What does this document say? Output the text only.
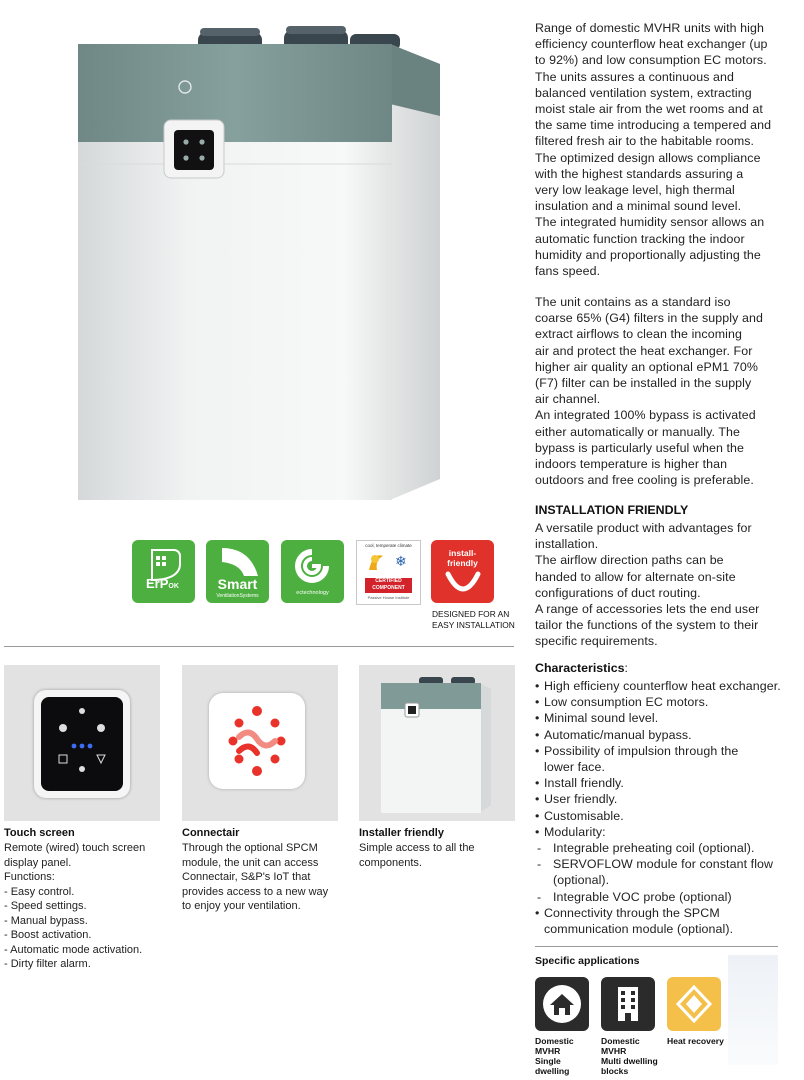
Range of domestic MVHR units with high
efficiency counterflow heat exchanger (up
to 92%) and low consumption EC motors.
The units assures a continuous and
balanced ventilation system, extracting
moist stale air from the wet rooms and at
the same time introducing a tempered and
filtered fresh air to the habitable rooms.
The optimized design allows compliance
with the highest standards assuring a
very low leakage level, high thermal
insulation and a minimal sound level.
The integrated humidity sensor allows an
automatic function tracking the indoor
humidity and proportionally adjusting the
fans speed.
The unit contains as a standard iso
coarse 65% (G4) filters in the supply and
extract airflows to clean the incoming
air and protect the heat exchanger. For
higher air quality an optional ePM1 70%
(F7) filter can be installed in the supply
air channel.
An integrated 100% bypass is activated
either automatically or manually. The
bypass is particularly useful when the
indoors temperature is higher than
outdoors and free cooling is preferable.
INSTALLATION FRIENDLY
A versatile product with advantages for
installation.
The airflow direction paths can be
handed to allow for alternate on-site
configurations of duct routing.
A range of accessories lets the end user
tailor the functions of the system to their
specific requirements.
Characteristics:
• High efficieny counterflow heat exchanger.
• Low consumption EC motors.
• Minimal sound level.
• Automatic/manual bypass.
• Possibility of impulsion through the
lower face.
• Install friendly.
• User friendly.
• Customisable.
• Modularity:
- Integrable preheating coil (optional).
- SERVOFLOW module for constant flow
(optional).
- Integrable VOC probe (optional)
• Connectivity through the SPCM
communication module (optional).
ErPOK	Smart
VentilationSystems	ectechnology
cool, temperate climate
❄
CERTIFIED
COMPONENT
Passive House Institute
install-
friendly
DESIGNED FOR AN
EASY INSTALLATION
Touch screen
Remote (wired) touch screen
display panel.
Functions:
- Easy control.
- Speed settings.
- Manual bypass.
- Boost activation.
- Automatic mode activation.
- Dirty filter alarm.
Connectair
Through the optional SPCM
module, the unit can access
Connectair, S&P's IoT that
provides access to a new way
to enjoy your ventilation.
Installer friendly
Simple access to all the
components.
Specific applications
Domestic
MVHR
Single
dwelling
Domestic
MVHR
Multi dwelling
blocks
Heat recovery
